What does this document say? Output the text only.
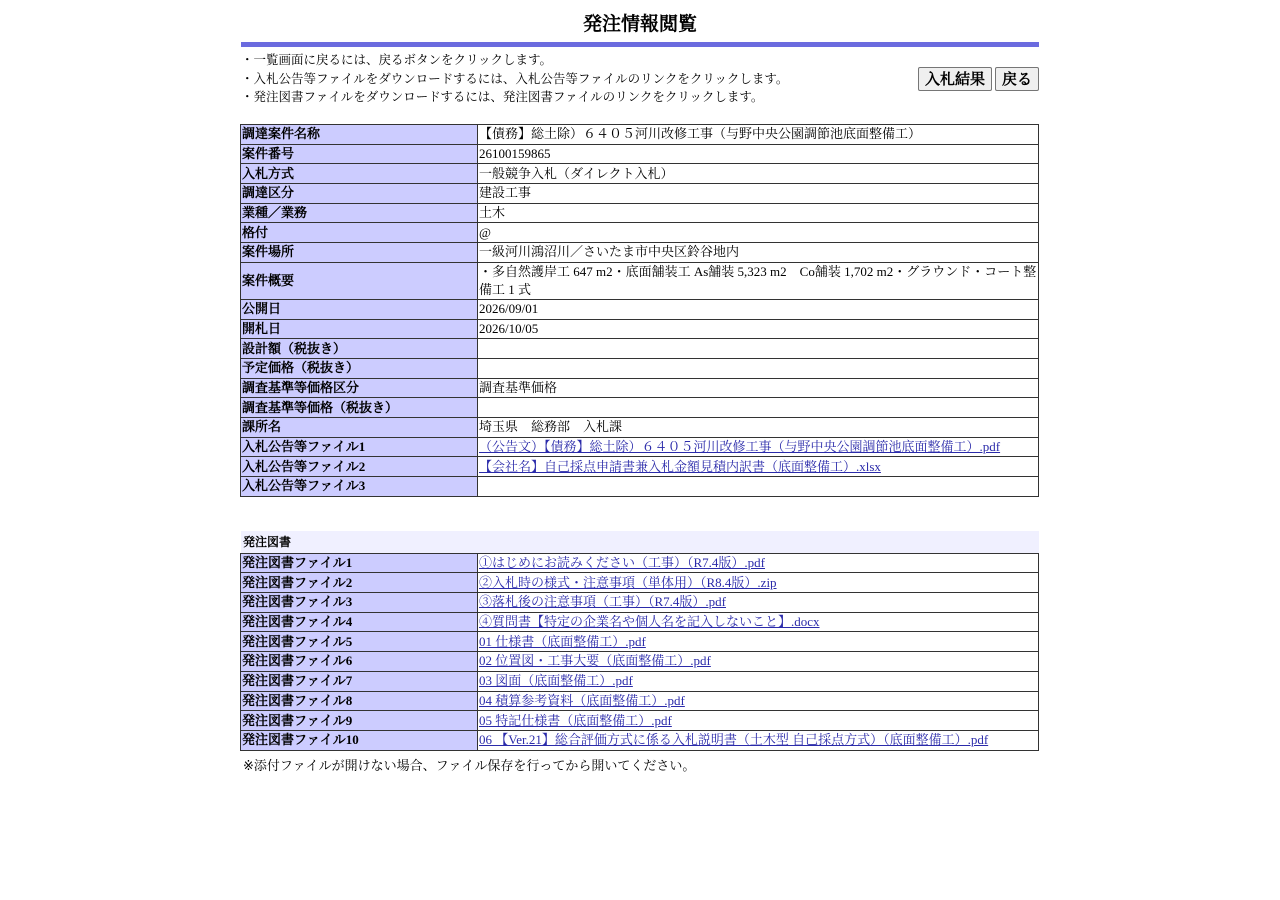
発注情報閲覧
・一覧画面に戻るには、戻るボタンをクリックします。
・入札公告等ファイルをダウンロードするには、入札公告等ファイルのリンクをクリックします。
・発注図書ファイルをダウンロードするには、発注図書ファイルのリンクをクリックします。
入札結果	戻る
調達案件名称	【債務】総土除）６４０５河川改修工事（与野中央公園調節池底面整備工）
案件番号	26100159865
入札方式	一般競争入札（ダイレクト入札）
調達区分	建設工事
業種／業務	土木
格付	@
案件場所	一級河川鴻沼川／さいたま市中央区鈴谷地内
案件概要	・多自然護岸工 647 m2・底面舗装工 As舗装 5,323 m2　Co舗装 1,702 m2・グラウンド・コート整備工 1 式
公開日	2026/09/01
開札日	2026/10/05
設計額（税抜き）	
予定価格（税抜き）	
調査基準等価格区分	調査基準価格
調査基準等価格（税抜き）	
課所名	埼玉県　総務部　入札課
入札公告等ファイル1	（公告文）【債務】総土除）６４０５河川改修工事（与野中央公園調節池底面整備工）.pdf
入札公告等ファイル2	【会社名】自己採点申請書兼入札金額見積内訳書（底面整備工）.xlsx
入札公告等ファイル3	
発注図書
発注図書ファイル1	①はじめにお読みください（工事）（R7.4版）.pdf
発注図書ファイル2	②入札時の様式・注意事項（単体用）（R8.4版）.zip
発注図書ファイル3	③落札後の注意事項（工事）（R7.4版）.pdf
発注図書ファイル4	④質問書【特定の企業名や個人名を記入しないこと】.docx
発注図書ファイル5	01 仕様書（底面整備工）.pdf
発注図書ファイル6	02 位置図・工事大要（底面整備工）.pdf
発注図書ファイル7	03 図面（底面整備工）.pdf
発注図書ファイル8	04 積算参考資料（底面整備工）.pdf
発注図書ファイル9	05 特記仕様書（底面整備工）.pdf
発注図書ファイル10	06 【Ver.21】総合評価方式に係る入札説明書（土木型 自己採点方式）（底面整備工）.pdf
※添付ファイルが開けない場合、ファイル保存を行ってから開いてください。
